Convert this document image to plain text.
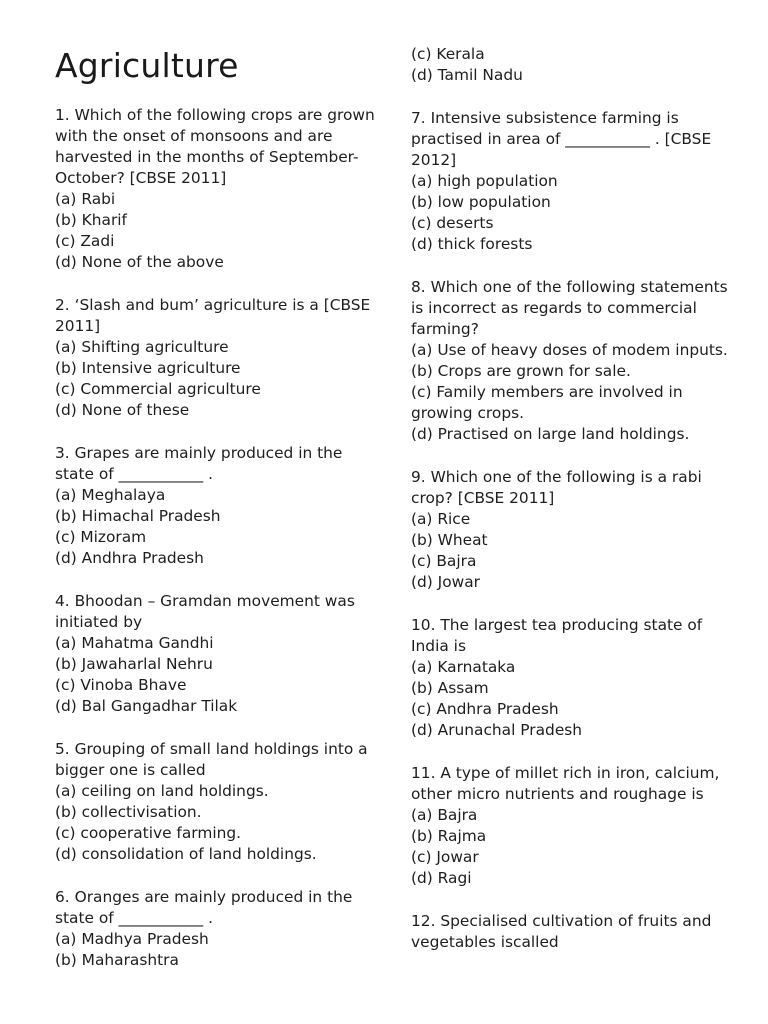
Agriculture

1. Which of the following crops are grown

with the onset of monsoons and are

harvested in the months of September-

October? [CBSE 2011]

(a) Rabi

(b) Kharif

(c) Zadi

(d) None of the above

2. ‘Slash and bum’ agriculture is a [CBSE

2011]

(a) Shifting agriculture

(b) Intensive agriculture

(c) Commercial agriculture

(d) None of these

3. Grapes are mainly produced in the

state of ___________ .

(a) Meghalaya

(b) Himachal Pradesh

(c) Mizoram

(d) Andhra Pradesh

4. Bhoodan – Gramdan movement was

initiated by

(a) Mahatma Gandhi

(b) Jawaharlal Nehru

(c) Vinoba Bhave

(d) Bal Gangadhar Tilak

5. Grouping of small land holdings into a

bigger one is called

(a) ceiling on land holdings.

(b) collectivisation.

(c) cooperative farming.

(d) consolidation of land holdings.

6. Oranges are mainly produced in the

state of ___________ .

(a) Madhya Pradesh

(b) Maharashtra

(c) Kerala

(d) Tamil Nadu

7. Intensive subsistence farming is

practised in area of ___________ . [CBSE

2012]

(a) high population

(b) low population

(c) deserts

(d) thick forests

8. Which one of the following statements

is incorrect as regards to commercial

farming?

(a) Use of heavy doses of modem inputs.

(b) Crops are grown for sale.

(c) Family members are involved in

growing crops.

(d) Practised on large land holdings.

9. Which one of the following is a rabi

crop? [CBSE 2011]

(a) Rice

(b) Wheat

(c) Bajra

(d) Jowar

10. The largest tea producing state of

India is

(a) Karnataka

(b) Assam

(c) Andhra Pradesh

(d) Arunachal Pradesh

11. A type of millet rich in iron, calcium,

other micro nutrients and roughage is

(a) Bajra

(b) Rajma

(c) Jowar

(d) Ragi

12. Specialised cultivation of fruits and

vegetables iscalled
